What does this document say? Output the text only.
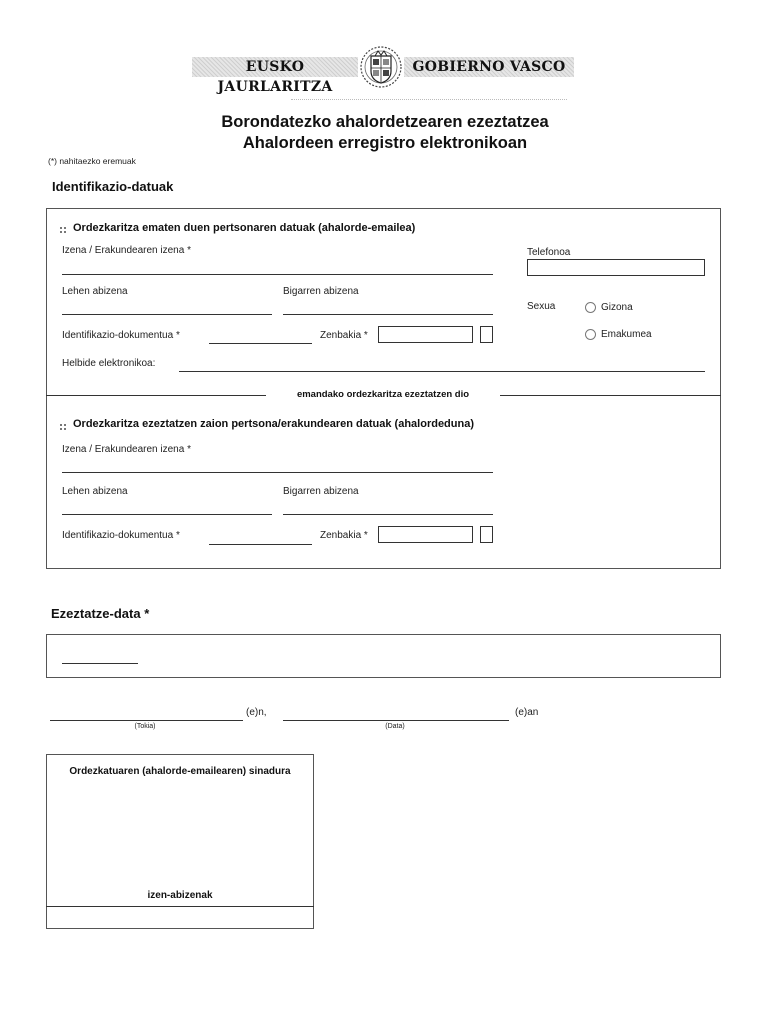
EUSKO JAURLARITZA
GOBIERNO VASCO
Borondatezko ahalordetzearen ezeztatzea
Ahalordeen erregistro elektronikoan
(*) nahitaezko eremuak
Identifikazio-datuak
Ordezkaritza ematen duen pertsonaren datuak (ahalorde-emailea)
Izena / Erakundearen izena *	Telefonoa
Lehen abizena	Bigarren abizena
Sexua	Gizona
Emakumea
Identifikazio-dokumentua *	Zenbakia *
Helbide elektronikoa:
emandako ordezkaritza ezeztatzen dio
Ordezkaritza ezeztatzen zaion pertsona/erakundearen datuak (ahalordeduna)
Izena / Erakundearen izena *
Lehen abizena	Bigarren abizena
Identifikazio-dokumentua *	Zenbakia *
Ezeztatze-data *
(e)n,
(Tokia)
(e)an
(Data)
Ordezkatuaren (ahalorde-emailearen) sinadura
izen-abizenak
